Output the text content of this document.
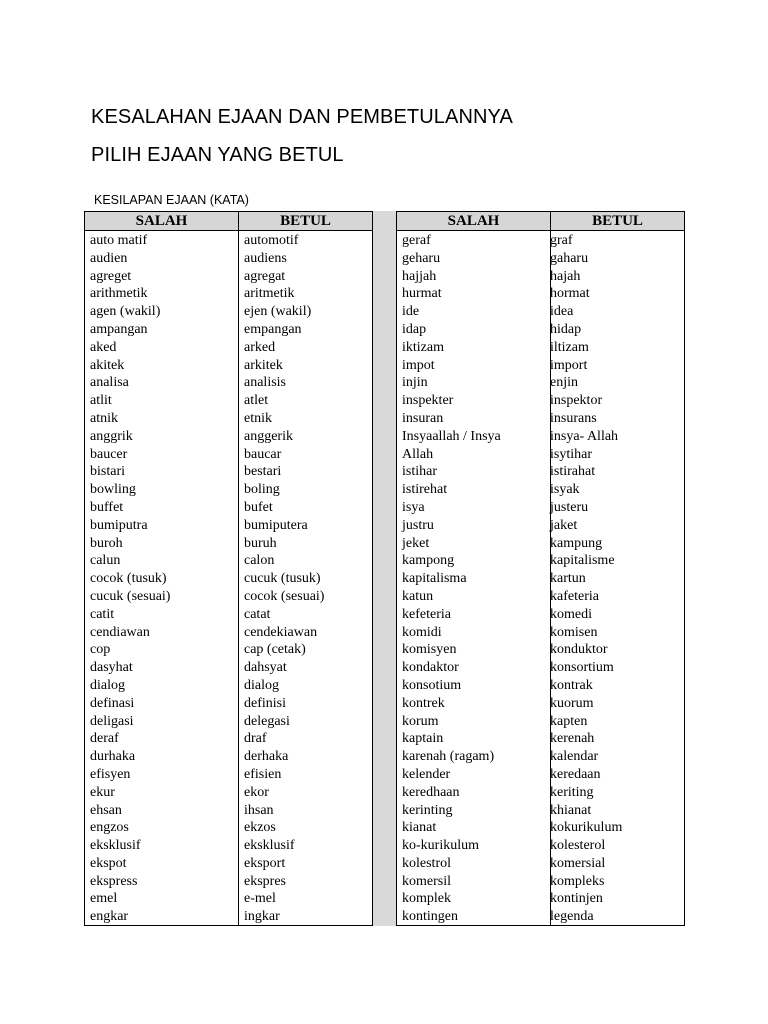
KESALAHAN EJAAN DAN PEMBETULANNYA
PILIH EJAAN YANG BETUL
KESILAPAN EJAAN (KATA)
SALAH	BETUL
auto matif
audien
agreget
arithmetik
agen (wakil)
ampangan
aked
akitek
analisa
atlit
atnik
anggrik
baucer
bistari
bowling
buffet
bumiputra
buroh
calun
cocok (tusuk)
cucuk (sesuai)
catit
cendiawan
cop
dasyhat
dialog
definasi
deligasi
deraf
durhaka
efisyen
ekur
ehsan
engzos
eksklusif
ekspot
ekspress
emel
engkar
automotif
audiens
agregat
aritmetik
ejen (wakil)
empangan
arked
arkitek
analisis
atlet
etnik
anggerik
baucar
bestari
boling
bufet
bumiputera
buruh
calon
cucuk (tusuk)
cocok (sesuai)
catat
cendekiawan
cap (cetak)
dahsyat
dialog
definisi
delegasi
draf
derhaka
efisien
ekor
ihsan
ekzos
eksklusif
eksport
ekspres
e-mel
ingkar
SALAH	BETUL
geraf
geharu
hajjah
hurmat
ide
idap
iktizam
impot
injin
inspekter
insuran
Insyaallah / Insya
Allah
istihar
istirehat
isya
justru
jeket
kampong
kapitalisma
katun
kefeteria
komidi
komisyen
kondaktor
konsotium
kontrek
korum
kaptain
karenah (ragam)
kelender
keredhaan
kerinting
kianat
ko-kurikulum
kolestrol
komersil
komplek
kontingen
graf
gaharu
hajah
hormat
idea
hidap
iltizam
import
enjin
inspektor
insurans
insya- Allah
isytihar
istirahat
isyak
justeru
jaket
kampung
kapitalisme
kartun
kafeteria
komedi
komisen
konduktor
konsortium
kontrak
kuorum
kapten
kerenah
kalendar
keredaan
keriting
khianat
kokurikulum
kolesterol
komersial
kompleks
kontinjen
legenda
